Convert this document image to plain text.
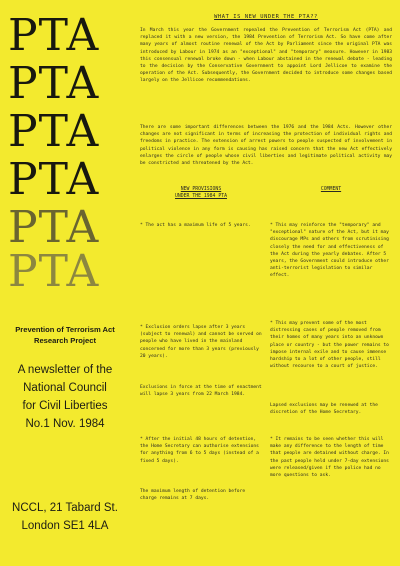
PTA
PTA
PTA
PTA
PTA
PTA
Prevention of Terrorism Act
Research Project
A newsletter of the
National Council
for Civil Liberties
No.1 Nov. 1984
NCCL, 21 Tabard St.
London SE1 4LA
WHAT IS NEW UNDER THE PTA??
In March this year the Government repealed the Prevention of Terrorism Act (PTA) and replaced it with a new version, the 1984 Prevention of Terrorism Act. So have come after many years of almost routine renewal of the Act by Parliament since the original PTA was introduced by Labour in 1974 as an "exceptional" and "temporary" measure. However in 1983 this consensual renewal broke down - when Labour abstained in the renewal debate - leading to the decision by the Conservative Government to appoint Lord Jellicoe to examine the operation of the Act. Subsequently, the Government decided to introduce some changes based largely on the Jellicoe recommendations.
There are some important differences between the 1976 and the 1984 Acts. However other changes are not significant in terms of increasing the protection of individual rights and freedoms in practice. The extension of arrest powers to people suspected of involvement in political violence in any form is causing has raised concern that the new Act effectively enlarges the circle of people whose civil liberties and legitimate political activity may be constricted and threatened by the Act.
NEW PROVISIONS
UNDER THE 1984 PTA
COMMENT
* The act has a maximum life of 5 years.
* Exclusion orders lapse after 3 years (subject to renewal) and cannot be served on people who have lived in the mainland concerned for more than 3 years (previously 20 years).
Exclusions in force at the time of enactment will lapse 3 years from 22 March 1984.
* After the initial 48 hours of detention, the Home Secretary can authorise extensions for anything from 6 to 5 days (instead of a fixed 5 days).
The maximum length of detention before charge remains at 7 days.
* This may reinforce the "temporary" and "exceptional" nature of the Act, but it may discourage MPs and others from scrutinising closely the need for and effectiveness of the Act during the yearly debates. After 5 years, the Government could introduce other anti-terrorist legislation to similar effect.
* This may prevent some of the most distressing cases of people removed from their homes of many years into an unknown place or country - but the power remains to impose internal exile and to cause immense hardship to a lot of other people, still without recourse to a court of justice.
Lapsed exclusions may be renewed at the discretion of the Home Secretary.
* It remains to be seen whether this will make any difference to the length of time that people are detained without charge. In the past people held under 7-day extensions were released/given if the police had no more questions to ask.
